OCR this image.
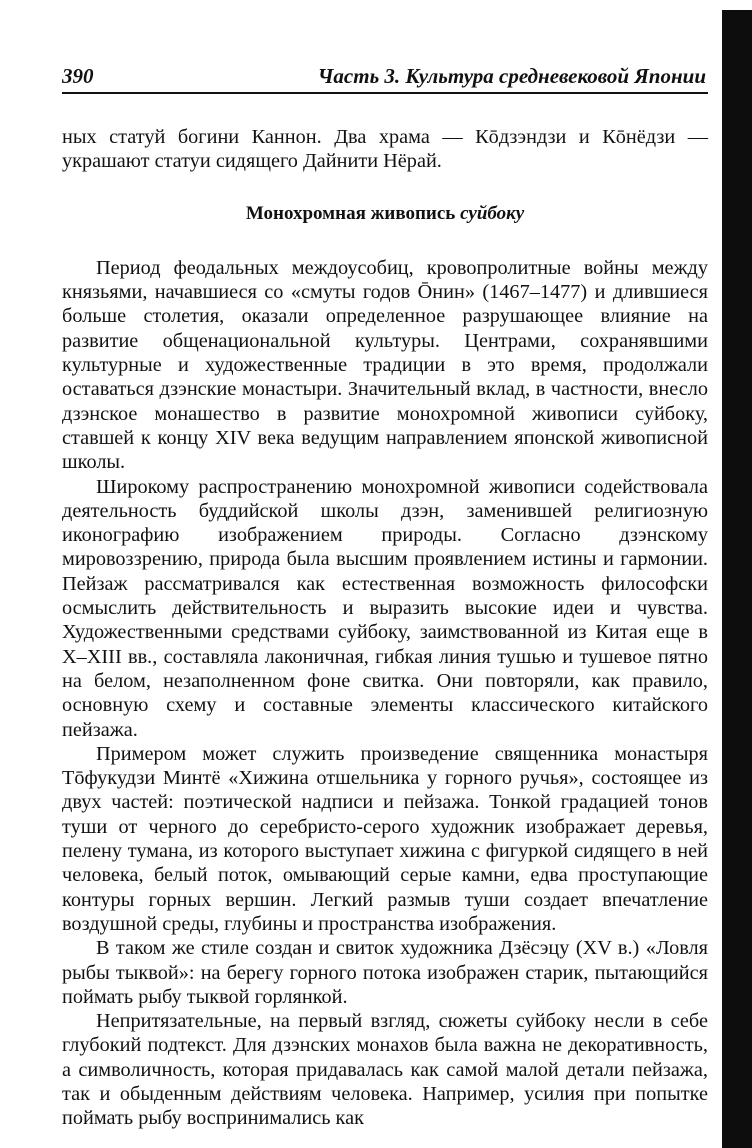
390	Часть 3. Культура средневековой Японии

ных статуй богини Каннон. Два храма — Кōдзэндзи и Кōнёдзи — украшают статуи сидящего Дайнити Нёрай.

Монохромная живопись суйбоку

Период феодальных междоусобиц, кровопролитные войны между князьями, начавшиеся со «смуты годов Ōнин» (1467–1477) и длившиеся больше столетия, оказали определенное разрушающее влияние на развитие общенациональной культуры. Центрами, сохранявшими культурные и художественные традиции в это время, продолжали оставаться дзэнские монастыри. Значительный вклад, в частности, внесло дзэнское монашество в развитие монохромной живописи суйбоку, ставшей к концу XIV века ведущим направлением японской живописной школы.

Широкому распространению монохромной живописи содействовала деятельность буддийской школы дзэн, заменившей религиозную иконографию изображением природы. Согласно дзэнскому мировоззрению, природа была высшим проявлением истины и гармонии. Пейзаж рассматривался как естественная возможность философски осмыслить действительность и выразить высокие идеи и чувства. Художественными средствами суйбоку, заимствованной из Китая еще в X–XIII вв., составляла лаконичная, гибкая линия тушью и тушевое пятно на белом, незаполненном фоне свитка. Они повторяли, как правило, основную схему и составные элементы классического китайского пейзажа.

Примером может служить произведение священника монастыря Тōфукудзи Минтё «Хижина отшельника у горного ручья», состоящее из двух частей: поэтической надписи и пейзажа. Тонкой градацией тонов туши от черного до серебристо-серого художник изображает деревья, пелену тумана, из которого выступает хижина с фигуркой сидящего в ней человека, белый поток, омывающий серые камни, едва проступающие контуры горных вершин. Легкий размыв туши создает впечатление воздушной среды, глубины и пространства изображения.

В таком же стиле создан и свиток художника Дзёсэцу (XV в.) «Ловля рыбы тыквой»: на берегу горного потока изображен старик, пытающийся поймать рыбу тыквой горлянкой.

Непритязательные, на первый взгляд, сюжеты суйбоку несли в себе глубокий подтекст. Для дзэнских монахов была важна не декоративность, а символичность, которая придавалась как самой малой детали пейзажа, так и обыденным действиям человека. Например, усилия при попытке поймать рыбу воспринимались как
